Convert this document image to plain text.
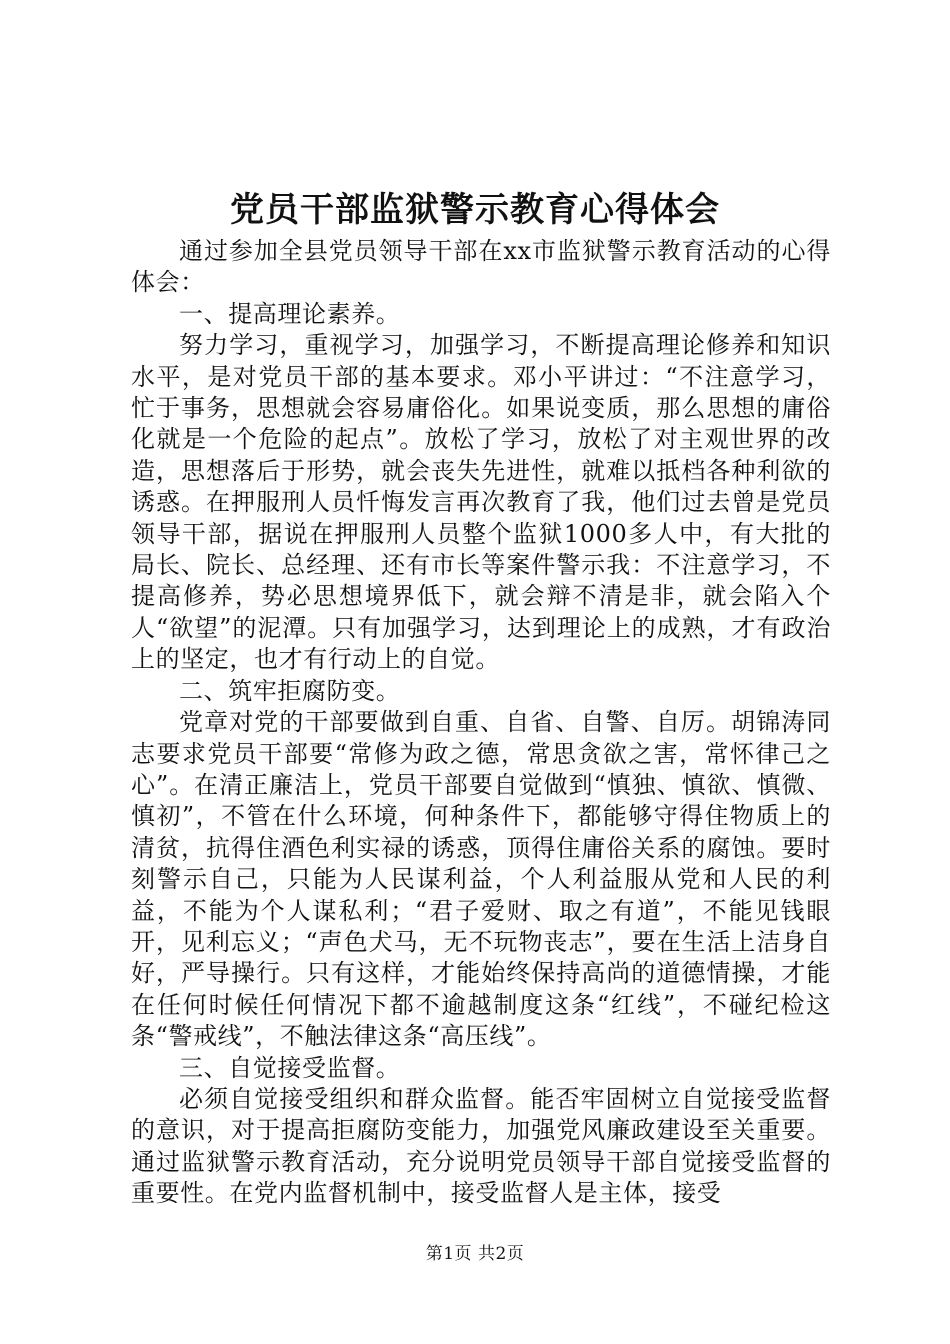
党员干部监狱警示教育心得体会

通过参加全县党员领导干部在xx市监狱警示教育活动的心得体会：

一、提高理论素养。

努力学习，重视学习，加强学习，不断提高理论修养和知识水平，是对党员干部的基本要求。邓小平讲过：“不注意学习，忙于事务，思想就会容易庸俗化。如果说变质，那么思想的庸俗化就是一个危险的起点”。放松了学习，放松了对主观世界的改造，思想落后于形势，就会丧失先进性，就难以抵档各种利欲的诱惑。在押服刑人员忏悔发言再次教育了我，他们过去曾是党员领导干部，据说在押服刑人员整个监狱1000多人中，有大批的局长、院长、总经理、还有市长等案件警示我：不注意学习，不提高修养，势必思想境界低下，就会辩不清是非，就会陷入个人“欲望”的泥潭。只有加强学习，达到理论上的成熟，才有政治上的坚定，也才有行动上的自觉。

二、筑牢拒腐防变。

党章对党的干部要做到自重、自省、自警、自厉。胡锦涛同志要求党员干部要“常修为政之德，常思贪欲之害，常怀律己之心”。在清正廉洁上，党员干部要自觉做到“慎独、慎欲、慎微、慎初”，不管在什么环境，何种条件下，都能够守得住物质上的清贫，抗得住酒色利实禄的诱惑，顶得住庸俗关系的腐蚀。要时刻警示自己，只能为人民谋利益，个人利益服从党和人民的利益，不能为个人谋私利；“君子爱财、取之有道”，不能见钱眼开，见利忘义；“声色犬马，无不玩物丧志”，要在生活上洁身自好，严导操行。只有这样，才能始终保持高尚的道德情操，才能在任何时候任何情况下都不逾越制度这条“红线”，不碰纪检这条“警戒线”，不触法律这条“高压线”。

三、自觉接受监督。

必须自觉接受组织和群众监督。能否牢固树立自觉接受监督的意识，对于提高拒腐防变能力，加强党风廉政建设至关重要。通过监狱警示教育活动，充分说明党员领导干部自觉接受监督的重要性。在党内监督机制中，接受监督人是主体，接受

第1页 共2页
